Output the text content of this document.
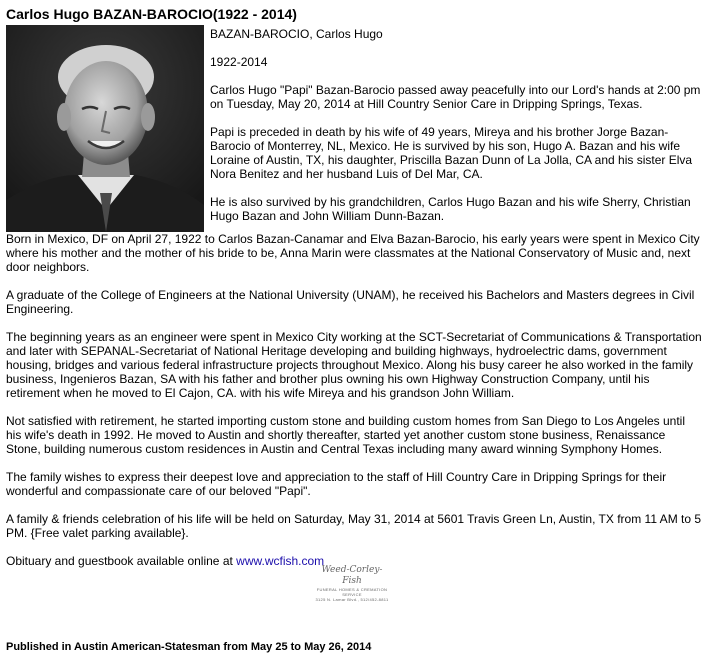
Carlos Hugo BAZAN-BAROCIO(1922 - 2014)

BAZAN-BAROCIO, Carlos Hugo

1922-2014

Carlos Hugo "Papi" Bazan-Barocio passed away peacefully into our Lord's hands at 2:00 pm on Tuesday, May 20, 2014 at Hill Country Senior Care in Dripping Springs, Texas.

Papi is preceded in death by his wife of 49 years, Mireya and his brother Jorge Bazan-Barocio of Monterrey, NL, Mexico. He is survived by his son, Hugo A. Bazan and his wife Loraine of Austin, TX, his daughter, Priscilla Bazan Dunn of La Jolla, CA and his sister Elva Nora Benitez and her husband Luis of Del Mar, CA.

He is also survived by his grandchildren, Carlos Hugo Bazan and his wife Sherry, Christian Hugo Bazan and John William Dunn-Bazan.

Born in Mexico, DF on April 27, 1922 to Carlos Bazan-Canamar and Elva Bazan-Barocio, his early years were spent in Mexico City where his mother and the mother of his bride to be, Anna Marin were classmates at the National Conservatory of Music and, next door neighbors.

A graduate of the College of Engineers at the National University (UNAM), he received his Bachelors and Masters degrees in Civil Engineering.

The beginning years as an engineer were spent in Mexico City working at the SCT-Secretariat of Communications & Transportation and later with SEPANAL-Secretariat of National Heritage developing and building highways, hydroelectric dams, government housing, bridges and various federal infrastructure projects throughout Mexico. Along his busy career he also worked in the family business, Ingenieros Bazan, SA with his father and brother plus owning his own Highway Construction Company, until his retirement when he moved to El Cajon, CA. with his wife Mireya and his grandson John William.

Not satisfied with retirement, he started importing custom stone and building custom homes from San Diego to Los Angeles until his wife's death in 1992. He moved to Austin and shortly thereafter, started yet another custom stone business, Renaissance Stone, building numerous custom residences in Austin and Central Texas including many award winning Symphony Homes.

The family wishes to express their deepest love and appreciation to the staff of Hill Country Care in Dripping Springs for their wonderful and compassionate care of our beloved "Papi".

A family & friends celebration of his life will be held on Saturday, May 31, 2014 at 5601 Travis Green Ln, Austin, TX from 11 AM to 5 PM. {Free valet parking available}.

Obituary and guestbook available online at www.wcfish.com

Weed-Corley-Fish
FUNERAL HOMES & CREMATION SERVICE
3125 N. Lamar Blvd., 512/452-8811

Published in Austin American-Statesman from May 25 to May 26, 2014
